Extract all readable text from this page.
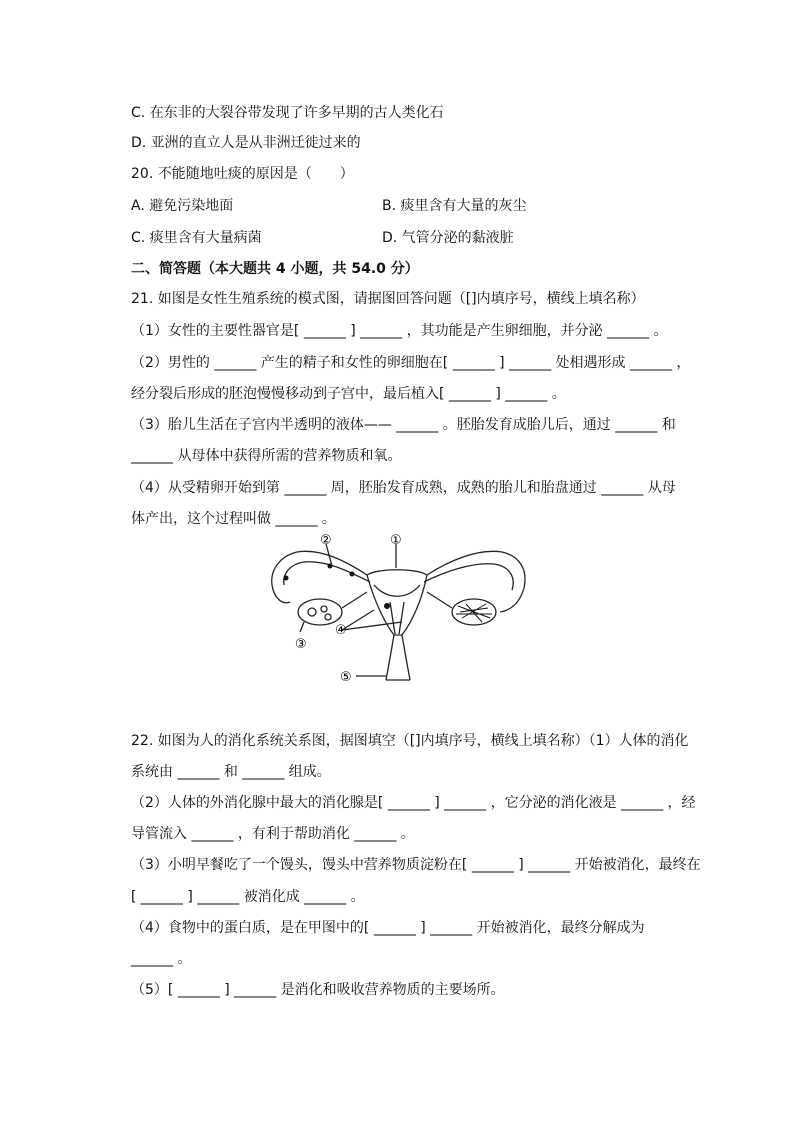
C. 在东非的大裂谷带发现了许多早期的古人类化石
D. 亚洲的直立人是从非洲迁徙过来的
20. 不能随地吐痰的原因是（　　）
A. 避免污染地面	B. 痰里含有大量的灰尘
C. 痰里含有大量病菌	D. 气管分泌的黏液脏
二、简答题（本大题共 4 小题，共 54.0 分）
21. 如图是女性生殖系统的模式图，请据图回答问题（[]内填序号，横线上填名称）
（1）女性的主要性器官是[ ______ ] ______ ，其功能是产生卵细胞，并分泌 ______ 。
（2）男性的 ______ 产生的精子和女性的卵细胞在[ ______ ] ______ 处相遇形成 ______ ，
经分裂后形成的胚泡慢慢移动到子宫中，最后植入[ ______ ] ______ 。
（3）胎儿生活在子宫内半透明的液体—— ______ 。胚胎发育成胎儿后，通过 ______ 和
______ 从母体中获得所需的营养物质和氧。
（4）从受精卵开始到第 ______ 周，胚胎发育成熟，成熟的胎儿和胎盘通过 ______ 从母
体产出，这个过程叫做 ______ 。
①
②
③
④
⑤
22. 如图为人的消化系统关系图，据图填空（[]内填序号，横线上填名称）（1）人体的消化
系统由 ______ 和 ______ 组成。
（2）人体的外消化腺中最大的消化腺是[ ______ ] ______ ，它分泌的消化液是 ______ ，经
导管流入 ______ ，有利于帮助消化 ______ 。
（3）小明早餐吃了一个馒头，馒头中营养物质淀粉在[ ______ ] ______ 开始被消化，最终在
[ ______ ] ______ 被消化成 ______ 。
（4）食物中的蛋白质，是在甲图中的[ ______ ] ______ 开始被消化，最终分解成为
______ 。
（5）[ ______ ] ______ 是消化和吸收营养物质的主要场所。
